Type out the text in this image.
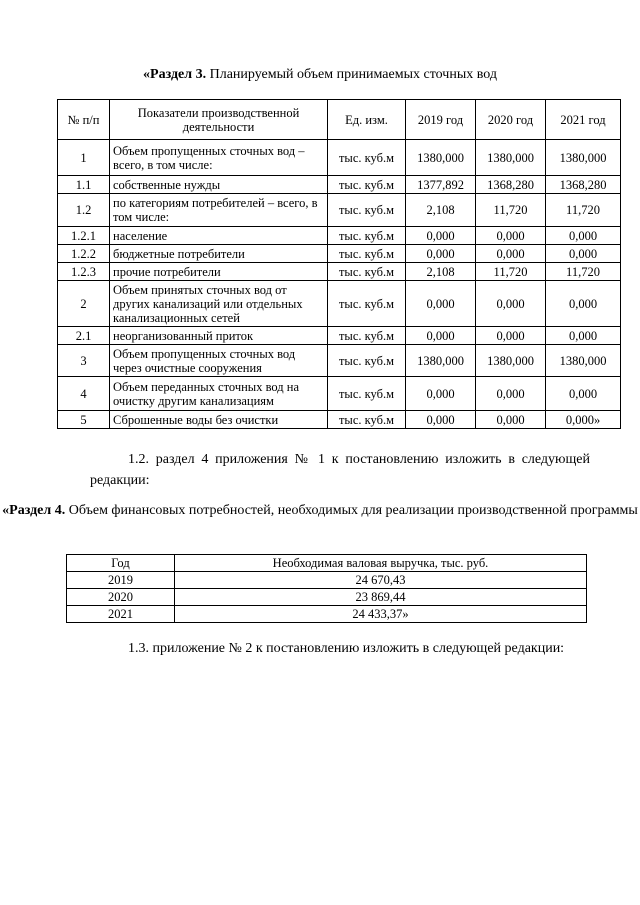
«Раздел 3. Планируемый объем принимаемых сточных вод
№ п/п	Показатели производственной деятельности	Ед. изм.	2019 год	2020 год	2021 год
1	Объем пропущенных сточных вод – всего, в том числе:	тыс. куб.м	1380,000	1380,000	1380,000
1.1	собственные нужды	тыс. куб.м	1377,892	1368,280	1368,280
1.2	по категориям потребителей – всего, в том числе:	тыс. куб.м	2,108	11,720	11,720
1.2.1	население	тыс. куб.м	0,000	0,000	0,000
1.2.2	бюджетные потребители	тыс. куб.м	0,000	0,000	0,000
1.2.3	прочие потребители	тыс. куб.м	2,108	11,720	11,720
2	Объем принятых сточных вод от других канализаций или отдельных канализационных сетей	тыс. куб.м	0,000	0,000	0,000
2.1	неорганизованный приток	тыс. куб.м	0,000	0,000	0,000
3	Объем пропущенных сточных вод через очистные сооружения	тыс. куб.м	1380,000	1380,000	1380,000
4	Объем переданных сточных вод на очистку другим канализациям	тыс. куб.м	0,000	0,000	0,000
5	Сброшенные воды без очистки	тыс. куб.м	0,000	0,000	0,000»
1.2. раздел 4 приложения № 1 к постановлению изложить в следующей редакции:
«Раздел 4. Объем финансовых потребностей, необходимых для реализации производственной программы
Год	Необходимая валовая выручка, тыс. руб.
2019	24 670,43
2020	23 869,44
2021	24 433,37»
1.3. приложение № 2 к постановлению изложить в следующей редакции:
